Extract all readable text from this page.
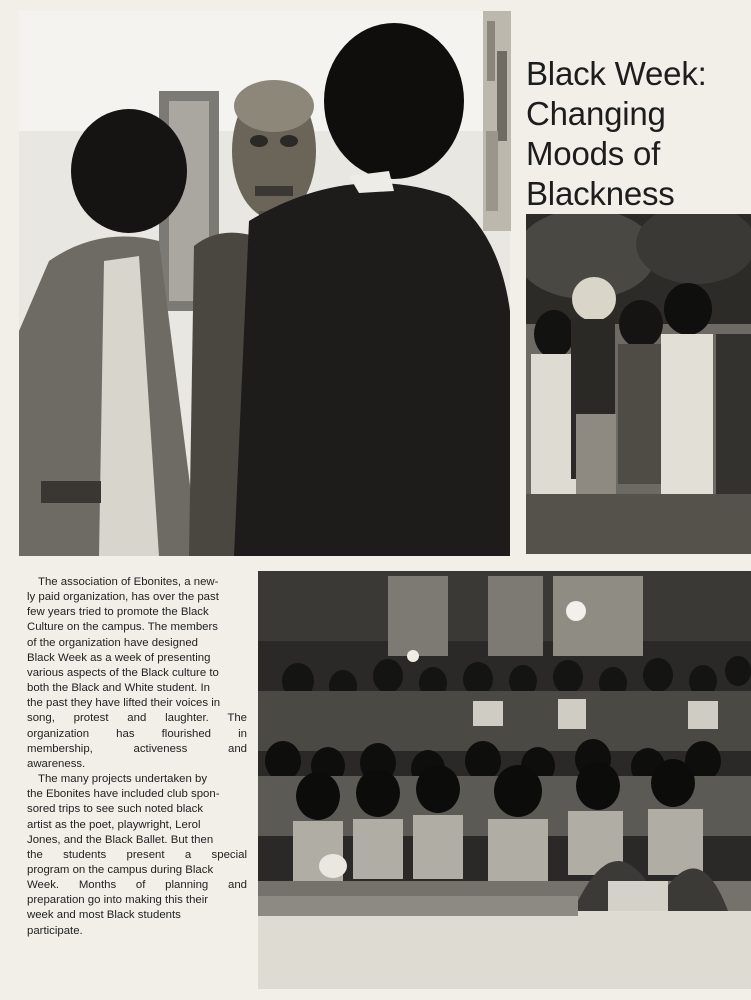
Black Week:
Changing
Moods of
Blackness
The association of Ebonites, a new-
ly paid organization, has over the past
few years tried to promote the Black
Culture on the campus. The members
of the organization have designed
Black Week as a week of presenting
various aspects of the Black culture to
both the Black and White student. In
the past they have lifted their voices in
song, protest and laughter. The
organization has flourished in
membership, activeness and
awareness.
The many projects undertaken by
the Ebonites have included club spon-
sored trips to see such noted black
artist as the poet, playwright, Lerol
Jones, and the Black Ballet. But then
the students present a special
program on the campus during Black
Week. Months of planning and
preparation go into making this their
week and most Black students
participate.
